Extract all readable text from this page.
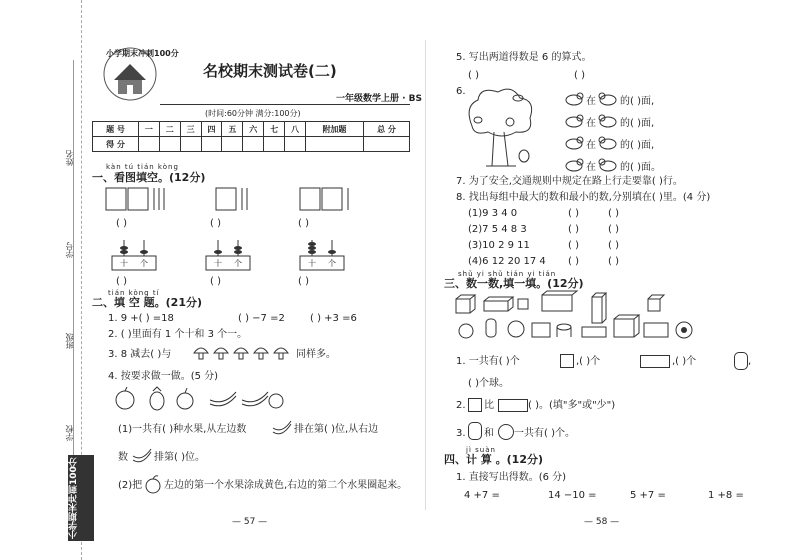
姓名
学号
班级
学校
小学期末冲刺100分
小学期末冲刺100分
名校期末测试卷(二)
一年级数学上册 · BS
(时间:60分钟 满分:100分)
题 号	一	二	三	四	五	六	七	八	附加题	总 分
得 分										
kàn tú tián kòng
一、看图填空。(12分)
( )	( )	( )
十 个	十 个	十 个
( )	( )	( )
tián kòng tí
二、填 空 题。(21分)
1. 9 +( ) =18	( ) −7 =2	( ) +3 =6
2. ( )里面有 1 个十和 3 个一。
3. 8 减去( )与	同样多。
4. 按要求做一做。(5 分)
(1)一共有( )种水果,从左边数	排在第( )位,从右边
数	排第( )位。
(2)把 左边的第一个水果涂成黄色,右边的第二个水果圈起来。
— 57 —
5. 写出两道得数是 6 的算式。
( )	( )
6.
在 的( )面,
在 的( )面,
在 的( )面,
在 的( )面。
7. 为了安全,交通规则中规定在路上行走要靠( )行。
8. 找出每组中最大的数和最小的数,分别填在( )里。(4 分)
(1)9 3 4 0	( )	( )
(2)7 5 4 8 3	( )	( )
(3)10 2 9 11	( )	( )
(4)6 12 20 17 4 ( )	( )
shǔ yi shǔ tián yi tián
三、数一数,填一填。(12分)
1. 一共有( )个	,( )个	,( )个	,
( )个球。
2. 比	( )。(填"多"或"少")
3. 和 一共有( )个。
jì suàn
四、计 算 。(12分)
1. 直接写出得数。(6 分)
4 +7 =	14 −10 =	5 +7 =	1 +8 =
— 58 —
